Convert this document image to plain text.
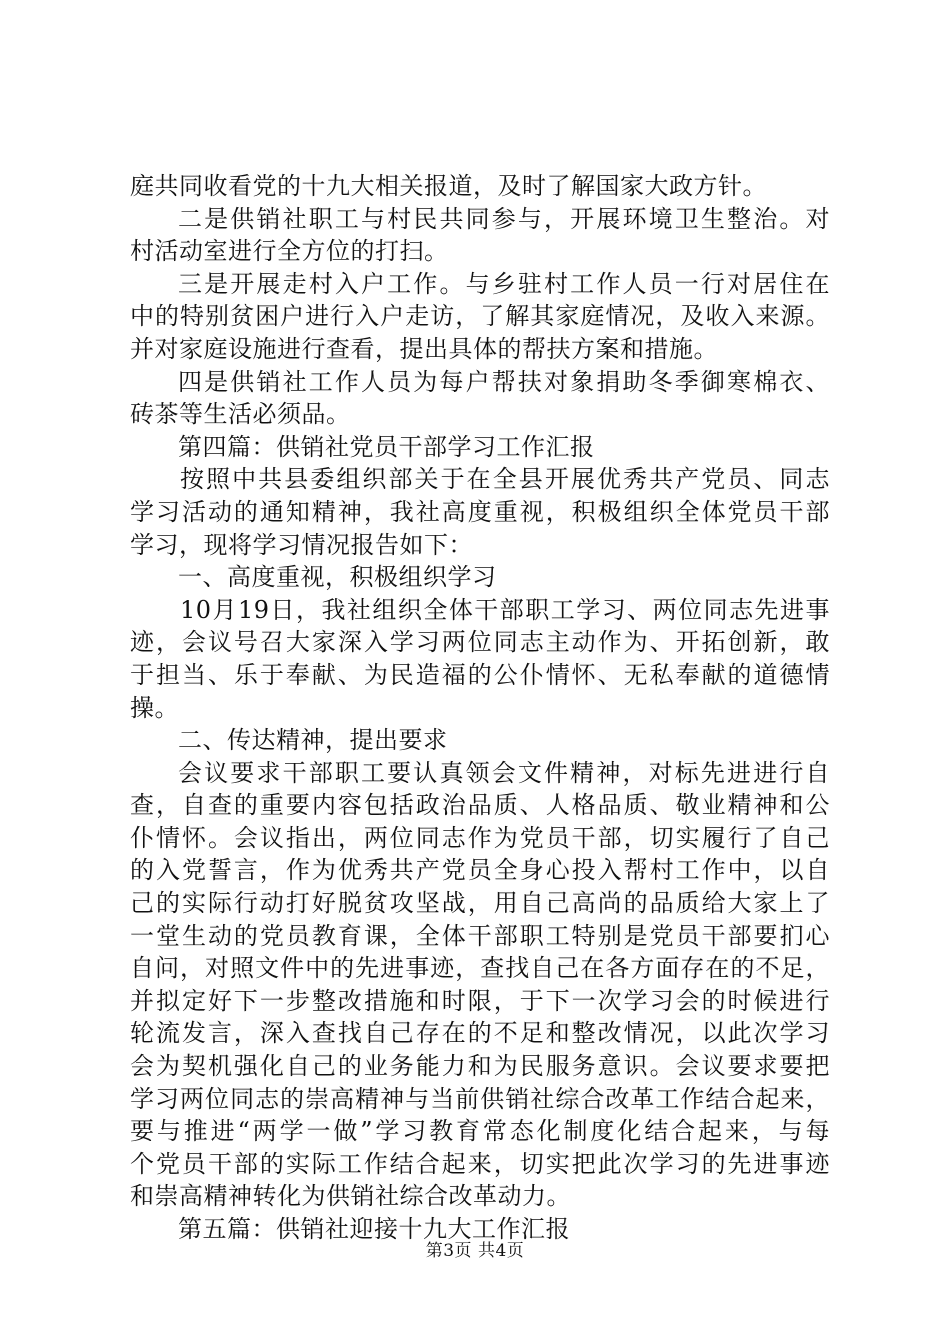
庭共同收看党的十九大相关报道，及时了解国家大政方针。
二是供销社职工与村民共同参与，开展环境卫生整治。对
村活动室进行全方位的打扫。
三是开展走村入户工作。与乡驻村工作人员一行对居住在
中的特别贫困户进行入户走访，了解其家庭情况，及收入来源。
并对家庭设施进行查看，提出具体的帮扶方案和措施。
四是供销社工作人员为每户帮扶对象捐助冬季御寒棉衣、
砖茶等生活必须品。
第四篇：供销社党员干部学习工作汇报
按照中共县委组织部关于在全县开展优秀共产党员、同志
学习活动的通知精神，我社高度重视，积极组织全体党员干部
学习，现将学习情况报告如下：
一、高度重视，积极组织学习
10月19日，我社组织全体干部职工学习、两位同志先进事
迹，会议号召大家深入学习两位同志主动作为、开拓创新，敢
于担当、乐于奉献、为民造福的公仆情怀、无私奉献的道德情
操。
二、传达精神，提出要求
会议要求干部职工要认真领会文件精神，对标先进进行自
查，自查的重要内容包括政治品质、人格品质、敬业精神和公
仆情怀。会议指出，两位同志作为党员干部，切实履行了自己
的入党誓言，作为优秀共产党员全身心投入帮村工作中，以自
己的实际行动打好脱贫攻坚战，用自己高尚的品质给大家上了
一堂生动的党员教育课，全体干部职工特别是党员干部要扪心
自问，对照文件中的先进事迹，查找自己在各方面存在的不足，
并拟定好下一步整改措施和时限，于下一次学习会的时候进行
轮流发言，深入查找自己存在的不足和整改情况，以此次学习
会为契机强化自己的业务能力和为民服务意识。会议要求要把
学习两位同志的崇高精神与当前供销社综合改革工作结合起来，
要与推进“两学一做”学习教育常态化制度化结合起来，与每
个党员干部的实际工作结合起来，切实把此次学习的先进事迹
和崇高精神转化为供销社综合改革动力。
第五篇：供销社迎接十九大工作汇报
第3页 共4页
